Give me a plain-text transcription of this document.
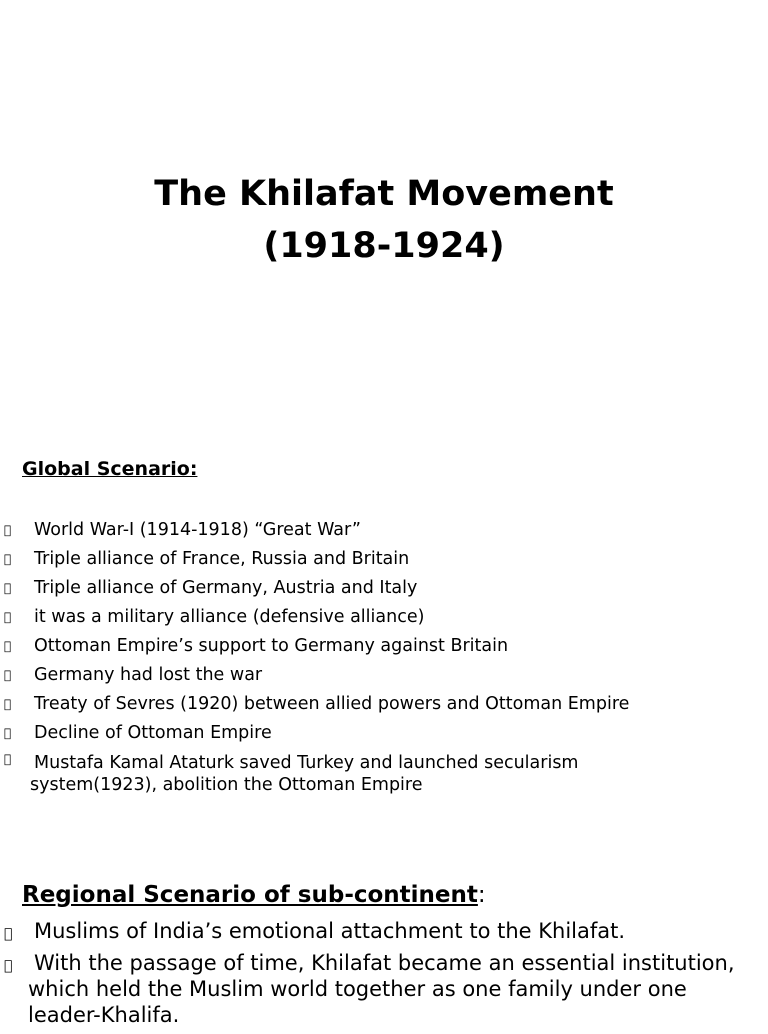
The Khilafat Movement
(1918-1924)
Global Scenario:
World War-I (1914-1918) “Great War”
Triple alliance of France, Russia and Britain
Triple alliance of Germany, Austria and Italy
it was a military alliance (defensive alliance)
Ottoman Empire’s support to Germany against Britain
Germany had lost the war
Treaty of Sevres (1920) between allied powers and Ottoman Empire
Decline of Ottoman Empire
Mustafa Kamal Ataturk saved Turkey and launched secularism
system(1923), abolition the Ottoman Empire
Regional Scenario of sub-continent:
Muslims of India’s emotional attachment to the Khilafat.
With the passage of time, Khilafat became an essential institution,
which held the Muslim world together as one family under one
leader-Khalifa.
